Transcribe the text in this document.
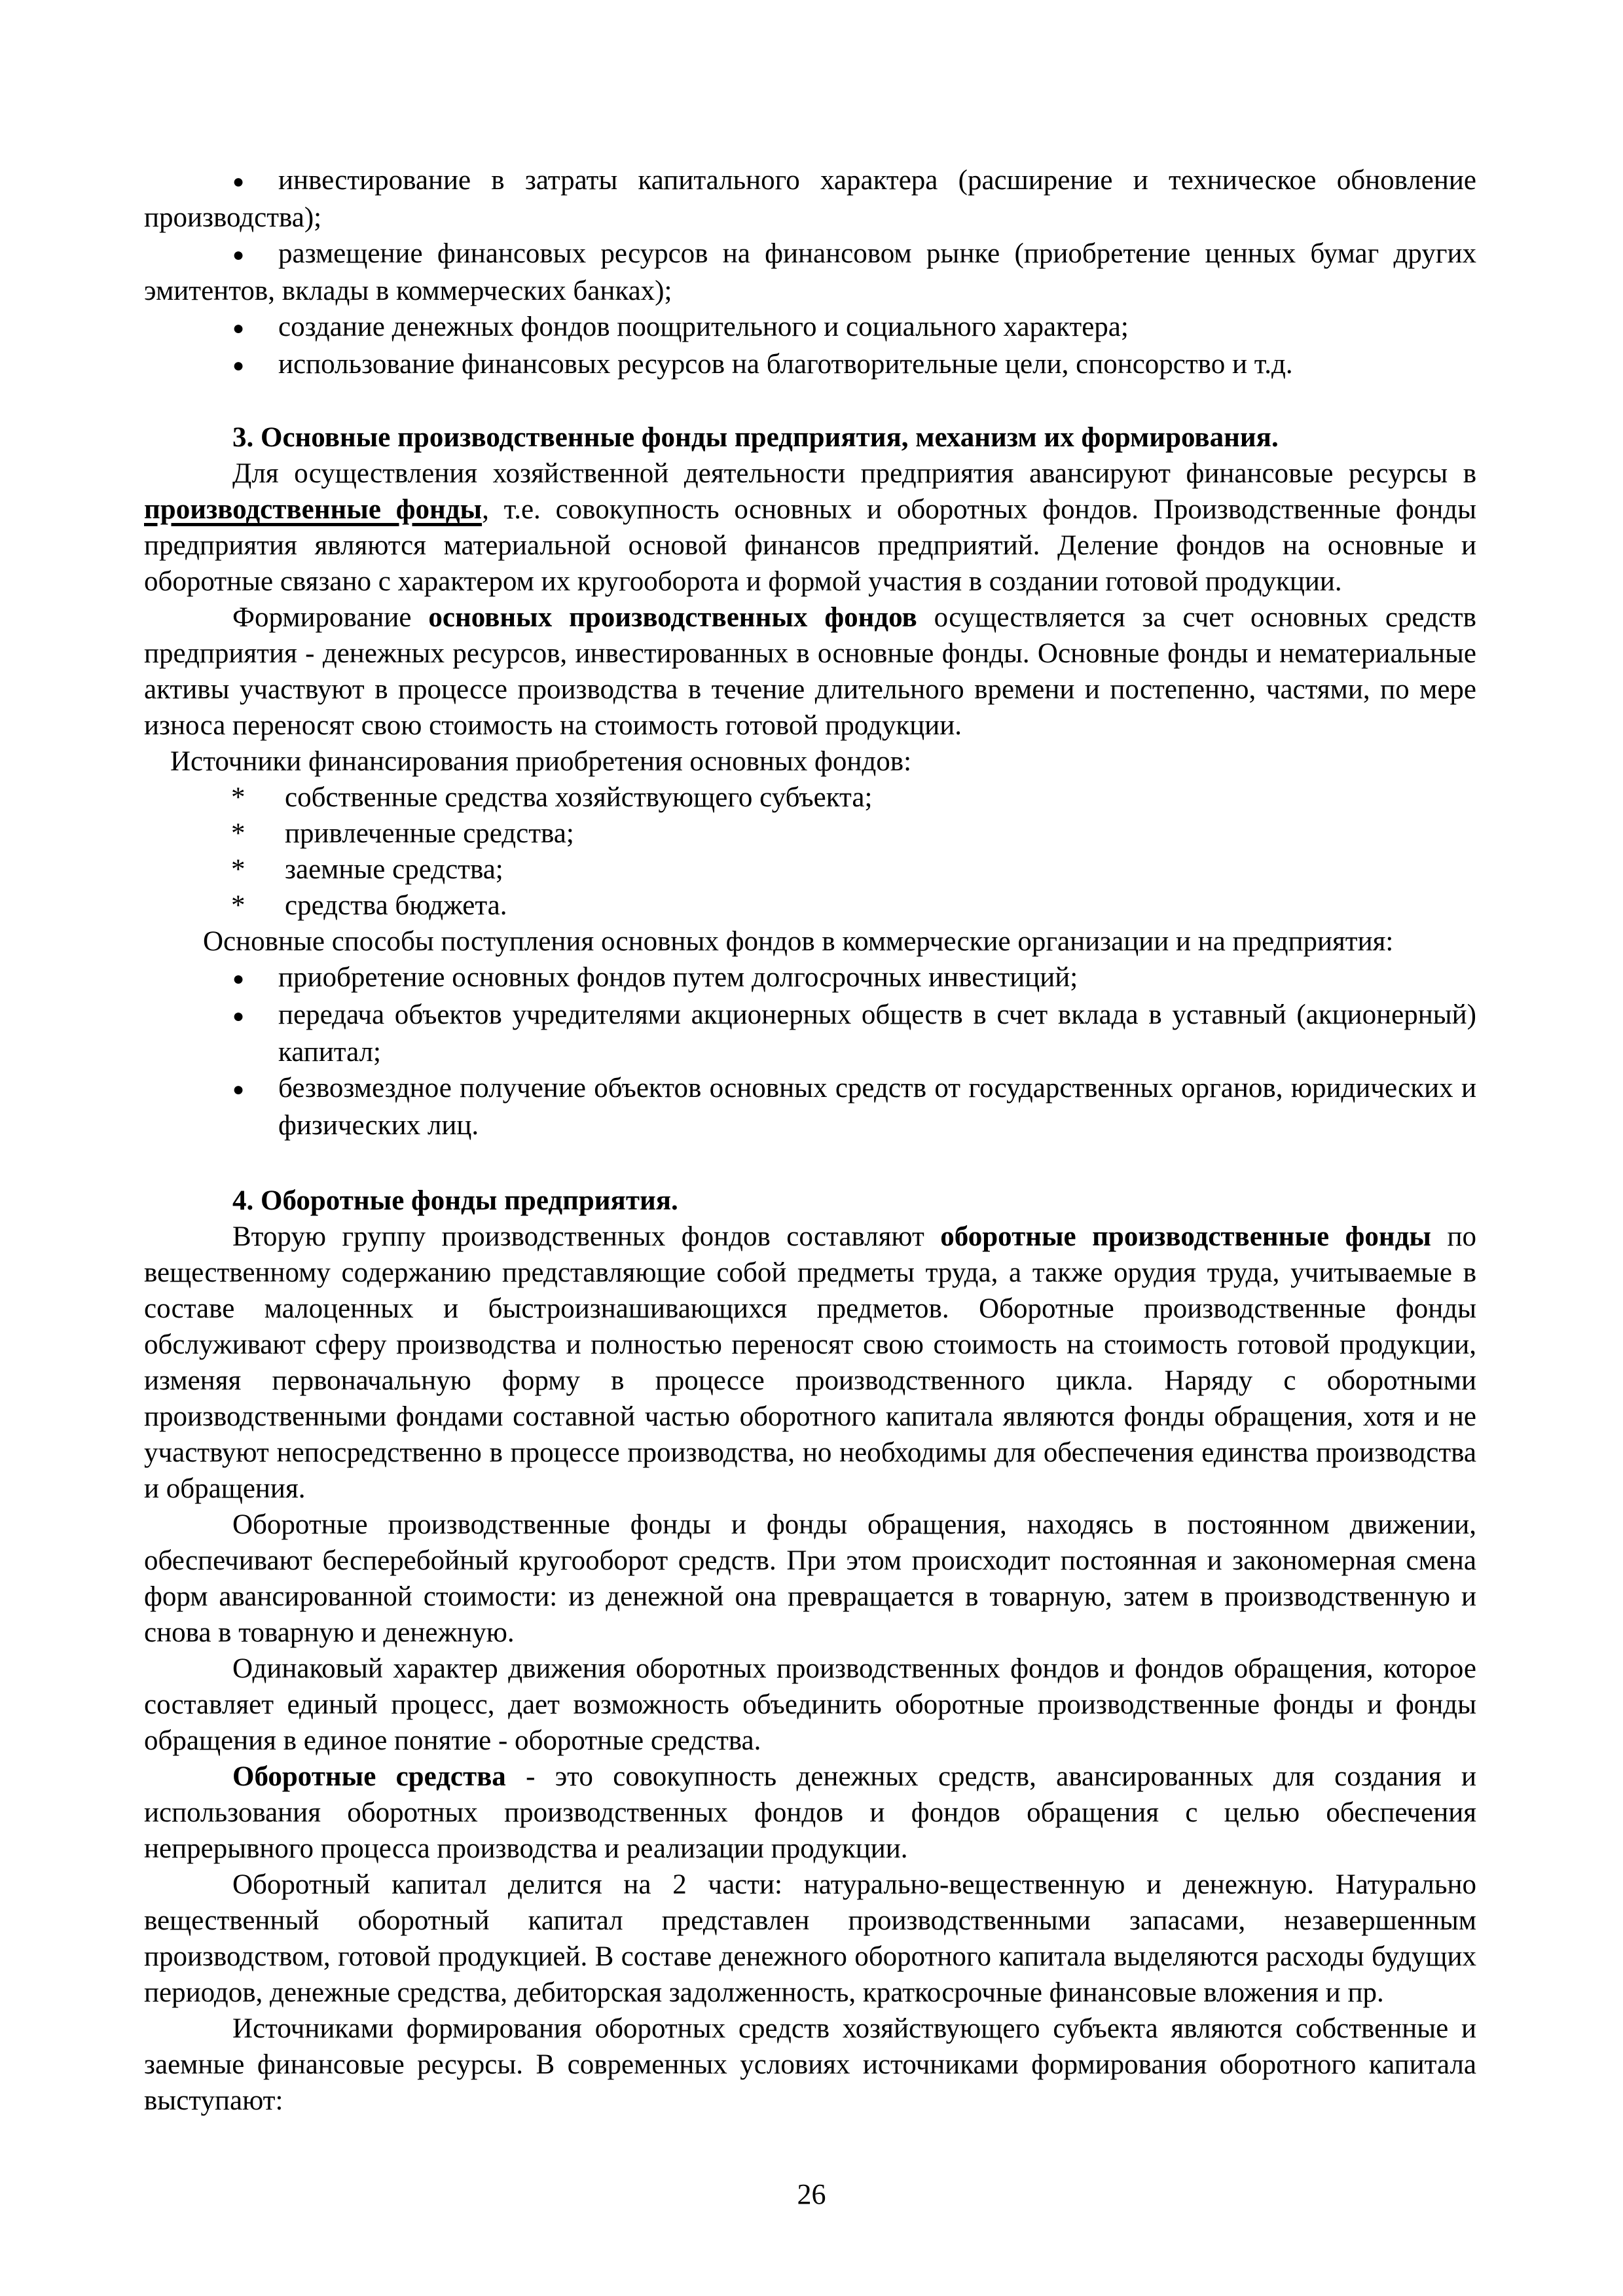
● инвестирование в затраты капитального характера (расширение и техническое обновление производства);

● размещение финансовых ресурсов на финансовом рынке (приобретение ценных бумаг других эмитентов, вклады в коммерческих банках);

● создание денежных фондов поощрительного и социального характера;

● использование финансовых ресурсов на благотворительные цели, спонсорство и т.д.

3. Основные производственные фонды предприятия, механизм их формирования.

Для осуществления хозяйственной деятельности предприятия авансируют финансовые ресурсы в производственные фонды, т.е. совокупность основных и оборотных фондов. Производственные фонды предприятия являются материальной основой финансов предприятий. Деление фондов на основные и оборотные связано с характером их кругооборота и формой участия в создании готовой продукции.

Формирование основных производственных фондов осуществляется за счет основных средств предприятия - денежных ресурсов, инвестированных в основные фонды. Основные фонды и нематериальные активы участвуют в процессе производства в течение длительного времени и постепенно, частями, по мере износа переносят свою стоимость на стоимость готовой продукции.

Источники финансирования приобретения основных фондов:

* собственные средства хозяйствующего субъекта;

* привлеченные средства;

* заемные средства;

* средства бюджета.

Основные способы поступления основных фондов в коммерческие организации и на предприятия:

● приобретение основных фондов путем долгосрочных инвестиций;

● передача объектов учредителями акционерных обществ в счет вклада в уставный (акционерный) капитал;

● безвозмездное получение объектов основных средств от государственных органов, юридических и физических лиц.

4. Оборотные фонды предприятия.

Вторую группу производственных фондов составляют оборотные производственные фонды по вещественному содержанию представляющие собой предметы труда, а также орудия труда, учитываемые в составе малоценных и быстроизнашивающихся предметов. Оборотные производственные фонды обслуживают сферу производства и полностью переносят свою стоимость на стоимость готовой продукции, изменяя первоначальную форму в процессе производственного цикла. Наряду с оборотными производственными фондами составной частью оборотного капитала являются фонды обращения, хотя и не участвуют непосредственно в процессе производства, но необходимы для обеспечения единства производства и обращения.

Оборотные производственные фонды и фонды обращения, находясь в постоянном движении, обеспечивают бесперебойный кругооборот средств. При этом происходит постоянная и закономерная смена форм авансированной стоимости: из денежной она превращается в товарную, затем в производственную и снова в товарную и денежную.

Одинаковый характер движения оборотных производственных фондов и фондов обращения, которое составляет единый процесс, дает возможность объединить оборотные производственные фонды и фонды обращения в единое понятие - оборотные средства.

Оборотные средства - это совокупность денежных средств, авансированных для создания и использования оборотных производственных фондов и фондов обращения с целью обеспечения непрерывного процесса производства и реализации продукции.

Оборотный капитал делится на 2 части: натурально-вещественную и денежную. Натурально вещественный оборотный капитал представлен производственными запасами, незавершенным производством, готовой продукцией. В составе денежного оборотного капитала выделяются расходы будущих периодов, денежные средства, дебиторская задолженность, краткосрочные финансовые вложения и пр.

Источниками формирования оборотных средств хозяйствующего субъекта являются собственные и заемные финансовые ресурсы. В современных условиях источниками формирования оборотного капитала выступают:

26
